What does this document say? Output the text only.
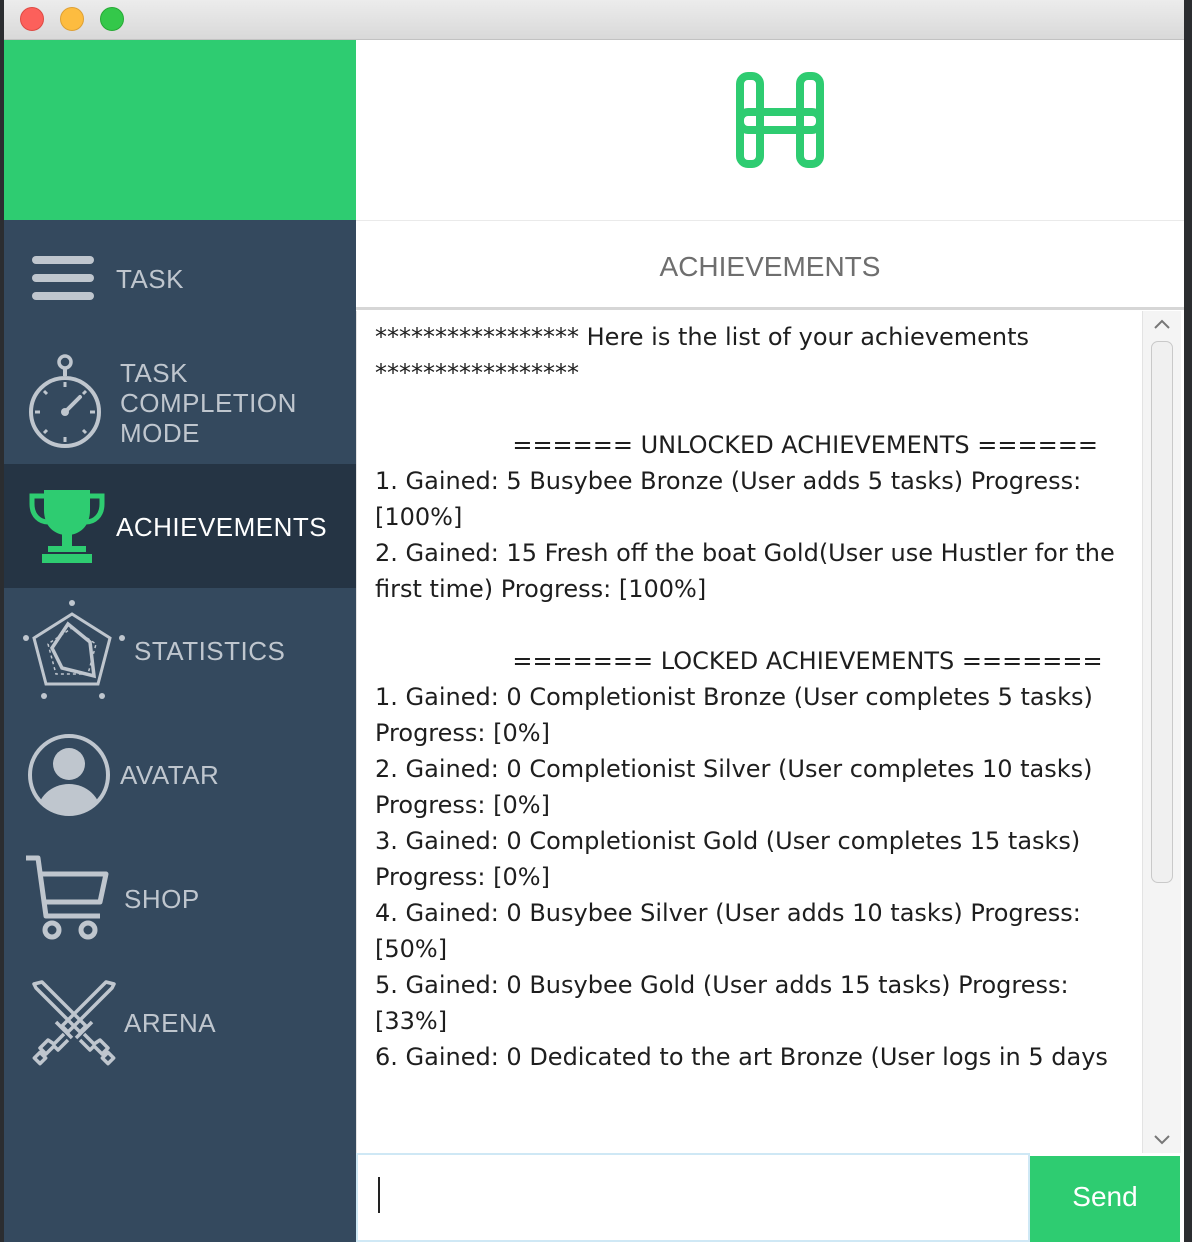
TASK
TASK
COMPLETION
MODE
ACHIEVEMENTS
STATISTICS
AVATAR
SHOP
ARENA
ACHIEVEMENTS
***************** Here is the list of your achievements *****************

====== UNLOCKED ACHIEVEMENTS ======
1. Gained: 5 Busybee Bronze (User adds 5 tasks) Progress: [100%]
2. Gained: 15 Fresh off the boat Gold(User use Hustler for the first time) Progress: [100%]

======= LOCKED ACHIEVEMENTS =======
1. Gained: 0 Completionist Bronze (User completes 5 tasks) Progress: [0%]
2. Gained: 0 Completionist Silver (User completes 10 tasks) Progress: [0%]
3. Gained: 0 Completionist Gold (User completes 15 tasks) Progress: [0%]
4. Gained: 0 Busybee Silver (User adds 10 tasks) Progress: [50%]
5. Gained: 0 Busybee Gold (User adds 15 tasks) Progress: [33%]
6. Gained: 0 Dedicated to the art Bronze (User logs in 5 days
Send
